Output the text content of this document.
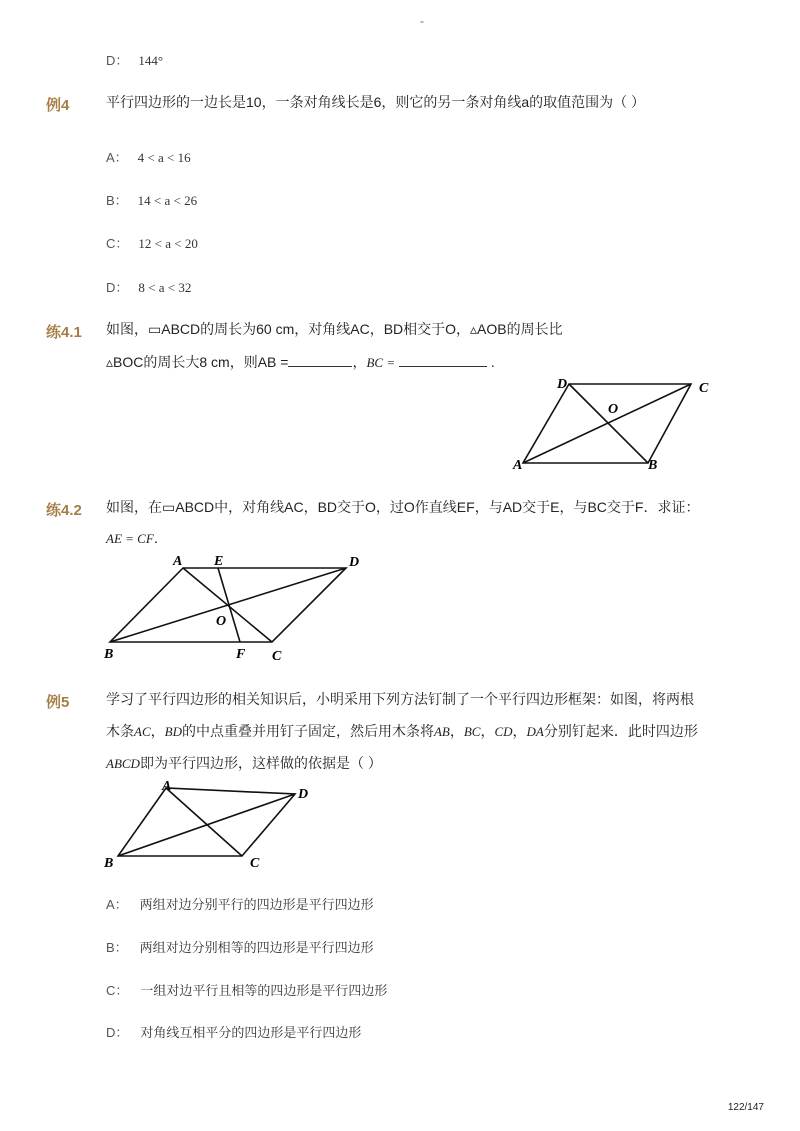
-
D： 144°
例4	平行四边形的一边长是10，一条对角线长是6，则它的另一条对角线a的取值范围为（ ）
A： 4 < a < 16
B： 14 < a < 26
C： 12 < a < 20
D： 8 < a < 32
练4.1 如图，▭ABCD的周长为60 cm，对角线AC，BD相交于O，▵AOB的周长比
▵BOC的周长大8 cm，则AB =	，BC =	.
A	B
C
D
O
练4.2 如图，在▭ABCD中，对角线AC，BD交于O，过O作直线EF，与AD交于E，与BC交于F．求证：
AE = CF．
A E	D
O
B	F C
例5	学习了平行四边形的相关知识后，小明采用下列方法钉制了一个平行四边形框架：如图，将两根
木条AC，BD的中点重叠并用钉子固定，然后用木条将AB，BC，CD，DA分别钉起来．此时四边形
ABCD即为平行四边形，这样做的依据是（ ）
A
D
B	C
A： 两组对边分别平行的四边形是平行四边形
B： 两组对边分别相等的四边形是平行四边形
C： 一组对边平行且相等的四边形是平行四边形
D： 对角线互相平分的四边形是平行四边形
122/147
